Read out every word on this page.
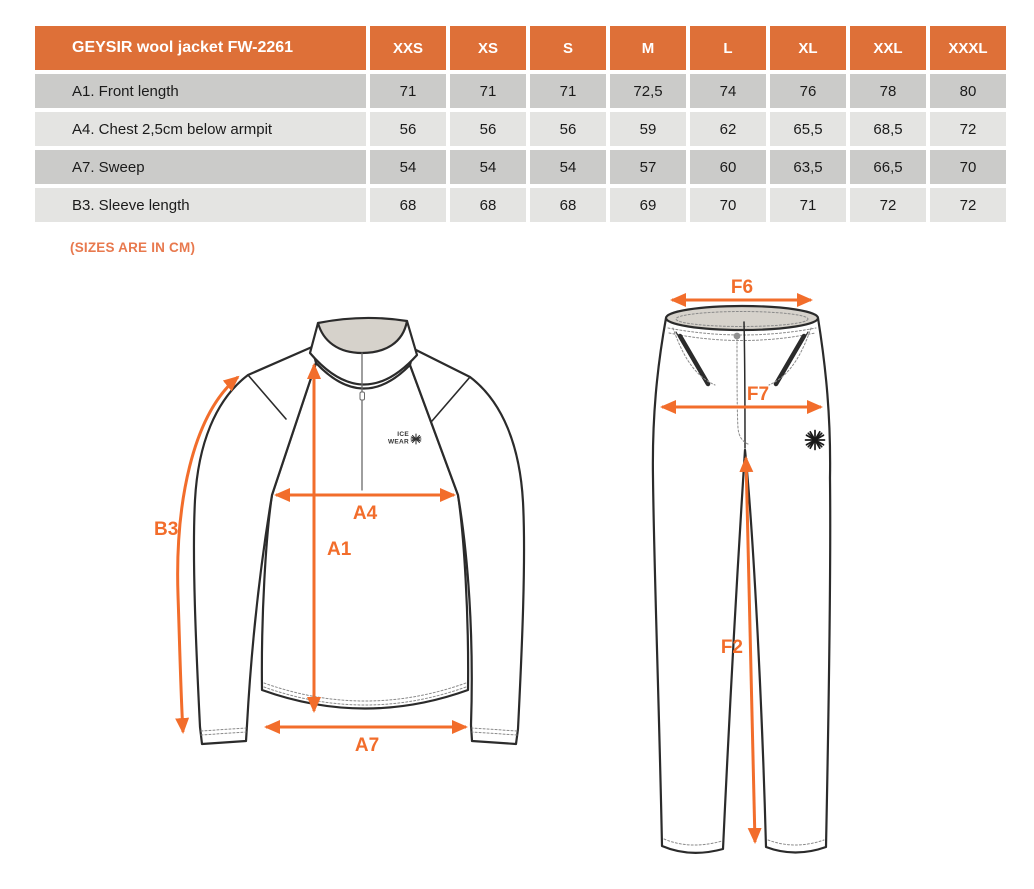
GEYSIR wool jacket FW-2261	XXS	XS	S	M	L	XL	XXL	XXXL
A1. Front length	71	71	71	72,5	74	76	78	80
A4. Chest 2,5cm below armpit	56	56	56	59	62	65,5	68,5	72
A7. Sweep	54	54	54	57	60	63,5	66,5	70
B3. Sleeve length	68	68	68	69	70	71	72	72
(SIZES ARE IN CM)
ICE
WEAR
B3
A1
A4
A7
F6
F7
F2
